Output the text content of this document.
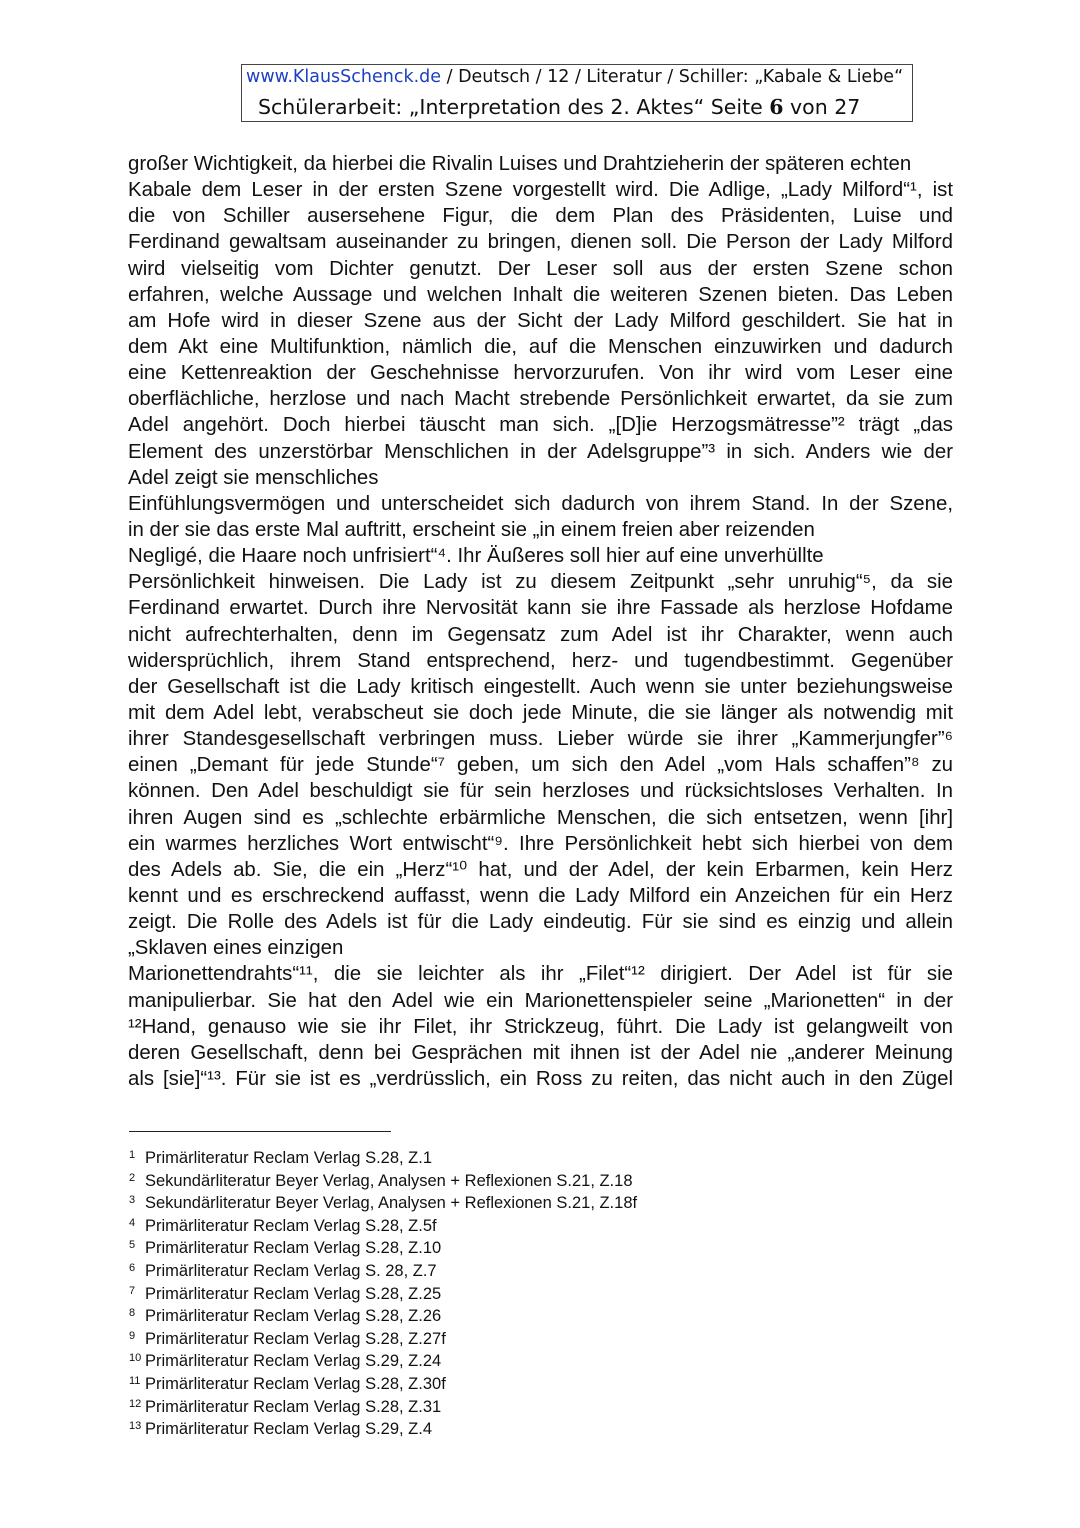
www.KlausSchenck.de / Deutsch / 12 / Literatur / Schiller: „Kabale & Liebe“
Schülerarbeit: „Interpretation des 2. Aktes“ Seite 6 von 27
großer Wichtigkeit, da hierbei die Rivalin Luises und Drahtzieherin der späteren echten
Kabale dem Leser in der ersten Szene vorgestellt wird. Die Adlige, „Lady Milford“¹, ist
die von Schiller ausersehene Figur, die dem Plan des Präsidenten, Luise und
Ferdinand gewaltsam auseinander zu bringen, dienen soll. Die Person der Lady Milford
wird vielseitig vom Dichter genutzt. Der Leser soll aus der ersten Szene schon
erfahren, welche Aussage und welchen Inhalt die weiteren Szenen bieten. Das Leben
am Hofe wird in dieser Szene aus der Sicht der Lady Milford geschildert. Sie hat in
dem Akt eine Multifunktion, nämlich die, auf die Menschen einzuwirken und dadurch
eine Kettenreaktion der Geschehnisse hervorzurufen. Von ihr wird vom Leser eine
oberflächliche, herzlose und nach Macht strebende Persönlichkeit erwartet, da sie zum
Adel angehört. Doch hierbei täuscht man sich. „[D]ie Herzogsmätresse”² trägt „das
Element des unzerstörbar Menschlichen in der Adelsgruppe”³ in sich. Anders wie der
Adel zeigt sie menschliches
Einfühlungsvermögen und unterscheidet sich dadurch von ihrem Stand. In der Szene,
in der sie das erste Mal auftritt, erscheint sie „in einem freien aber reizenden
Negligé, die Haare noch unfrisiert“⁴. Ihr Äußeres soll hier auf eine unverhüllte
Persönlichkeit hinweisen. Die Lady ist zu diesem Zeitpunkt „sehr unruhig“⁵, da sie
Ferdinand erwartet. Durch ihre Nervosität kann sie ihre Fassade als herzlose Hofdame
nicht aufrechterhalten, denn im Gegensatz zum Adel ist ihr Charakter, wenn auch
widersprüchlich, ihrem Stand entsprechend, herz- und tugendbestimmt. Gegenüber
der Gesellschaft ist die Lady kritisch eingestellt. Auch wenn sie unter beziehungsweise
mit dem Adel lebt, verabscheut sie doch jede Minute, die sie länger als notwendig mit
ihrer Standesgesellschaft verbringen muss. Lieber würde sie ihrer „Kammerjungfer”⁶
einen „Demant für jede Stunde“⁷ geben, um sich den Adel „vom Hals schaffen”⁸ zu
können. Den Adel beschuldigt sie für sein herzloses und rücksichtsloses Verhalten. In
ihren Augen sind es „schlechte erbärmliche Menschen, die sich entsetzen, wenn [ihr]
ein warmes herzliches Wort entwischt“⁹. Ihre Persönlichkeit hebt sich hierbei von dem
des Adels ab. Sie, die ein „Herz“¹⁰ hat, und der Adel, der kein Erbarmen, kein Herz
kennt und es erschreckend auffasst, wenn die Lady Milford ein Anzeichen für ein Herz
zeigt. Die Rolle des Adels ist für die Lady eindeutig. Für sie sind es einzig und allein
„Sklaven eines einzigen
Marionettendrahts“¹¹, die sie leichter als ihr „Filet“¹² dirigiert. Der Adel ist für sie
manipulierbar. Sie hat den Adel wie ein Marionettenspieler seine „Marionetten“ in der
¹²Hand, genauso wie sie ihr Filet, ihr Strickzeug, führt. Die Lady ist gelangweilt von
deren Gesellschaft, denn bei Gesprächen mit ihnen ist der Adel nie „anderer Meinung
als [sie]“¹³. Für sie ist es „verdrüsslich, ein Ross zu reiten, das nicht auch in den Zügel
1 Primärliteratur Reclam Verlag S.28, Z.1
2 Sekundärliteratur Beyer Verlag, Analysen + Reflexionen S.21, Z.18
3 Sekundärliteratur Beyer Verlag, Analysen + Reflexionen S.21, Z.18f
4 Primärliteratur Reclam Verlag S.28, Z.5f
5 Primärliteratur Reclam Verlag S.28, Z.10
6 Primärliteratur Reclam Verlag S. 28, Z.7
7 Primärliteratur Reclam Verlag S.28, Z.25
8 Primärliteratur Reclam Verlag S.28, Z.26
9 Primärliteratur Reclam Verlag S.28, Z.27f
10 Primärliteratur Reclam Verlag S.29, Z.24
11 Primärliteratur Reclam Verlag S.28, Z.30f
12 Primärliteratur Reclam Verlag S.28, Z.31
13 Primärliteratur Reclam Verlag S.29, Z.4
